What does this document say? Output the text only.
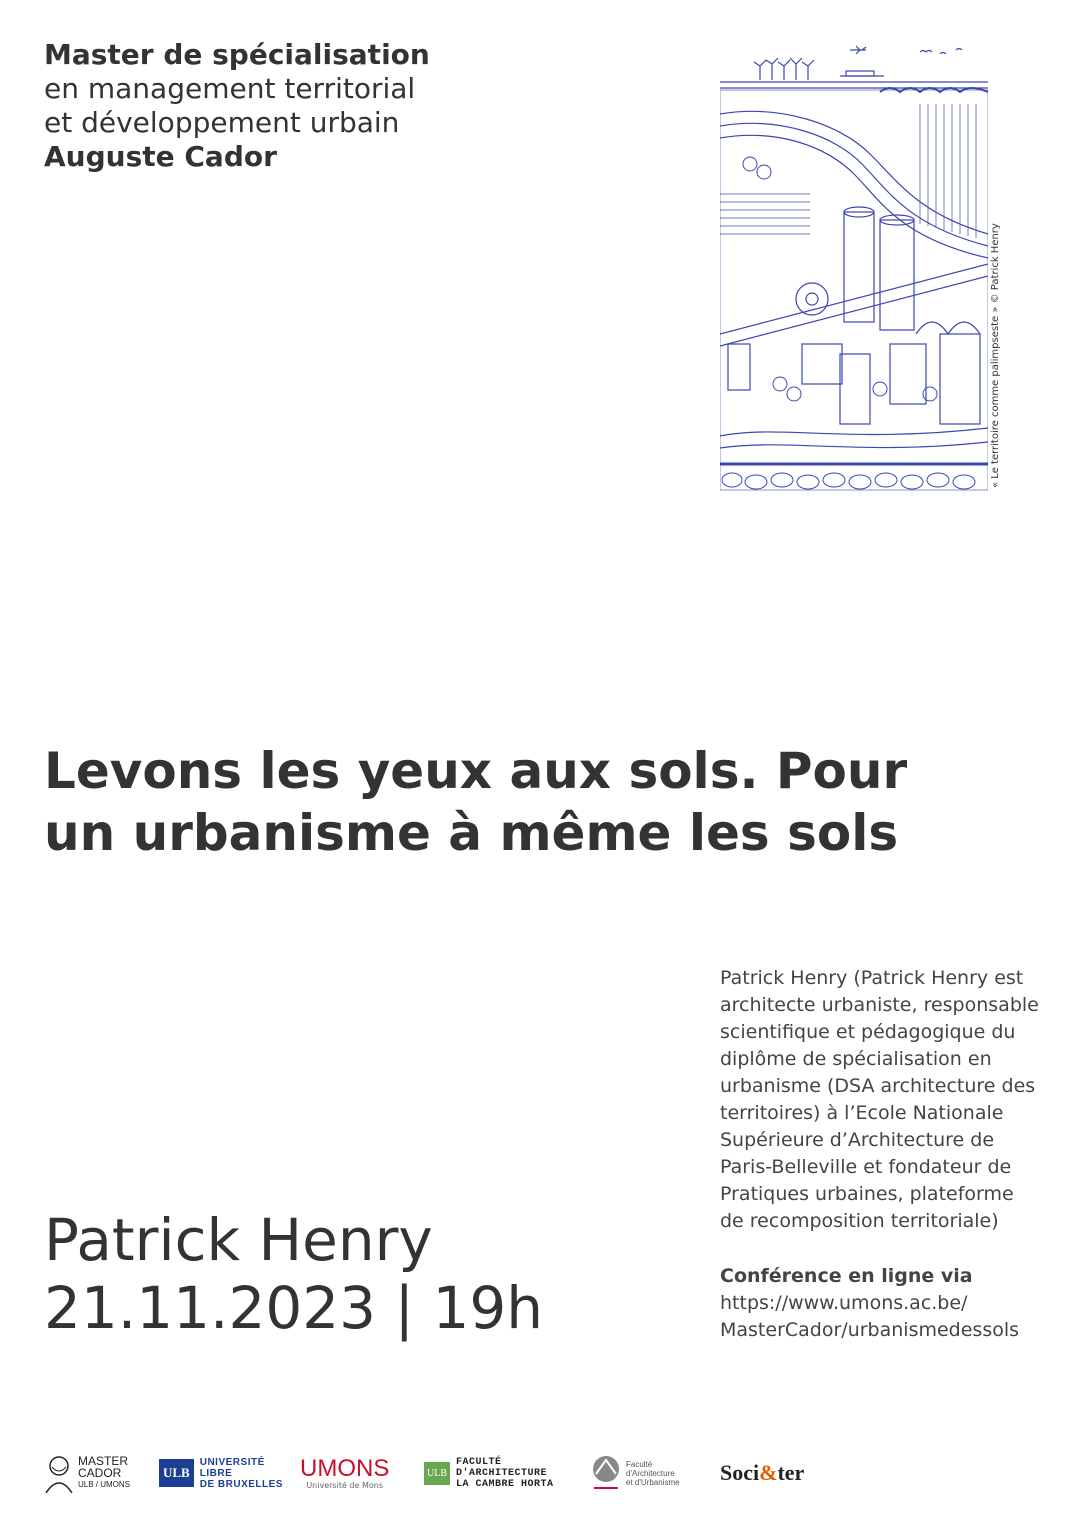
Master de spécialisation
en management territorial
et développement urbain
Auguste Cador
« Le territoire comme palimpseste » © Patrick Henry
Levons les yeux aux sols. Pour
un urbanisme à même les sols
Patrick Henry
21.11.2023 | 19h
Patrick Henry (Patrick Henry est
architecte urbaniste, responsable
scientifique et pédagogique du
diplôme de spécialisation en
urbanisme (DSA architecture des
territoires) à l’Ecole Nationale
Supérieure d’Architecture de
Paris-Belleville et fondateur de
Pratiques urbaines, plateforme
de recomposition territoriale)
Conférence en ligne via
https://www.umons.ac.be/
MasterCador/urbanismedessols
MASTER
CADOR
ULB / UMONS
ULB
UNIVERSITÉ
LIBRE
DE BRUXELLES
UMONS
Université de Mons
ULB
FACULTÉ
D'ARCHITECTURE
LA CAMBRE HORTA
Faculté
d'Architecture
et d'Urbanisme Soci & ter
